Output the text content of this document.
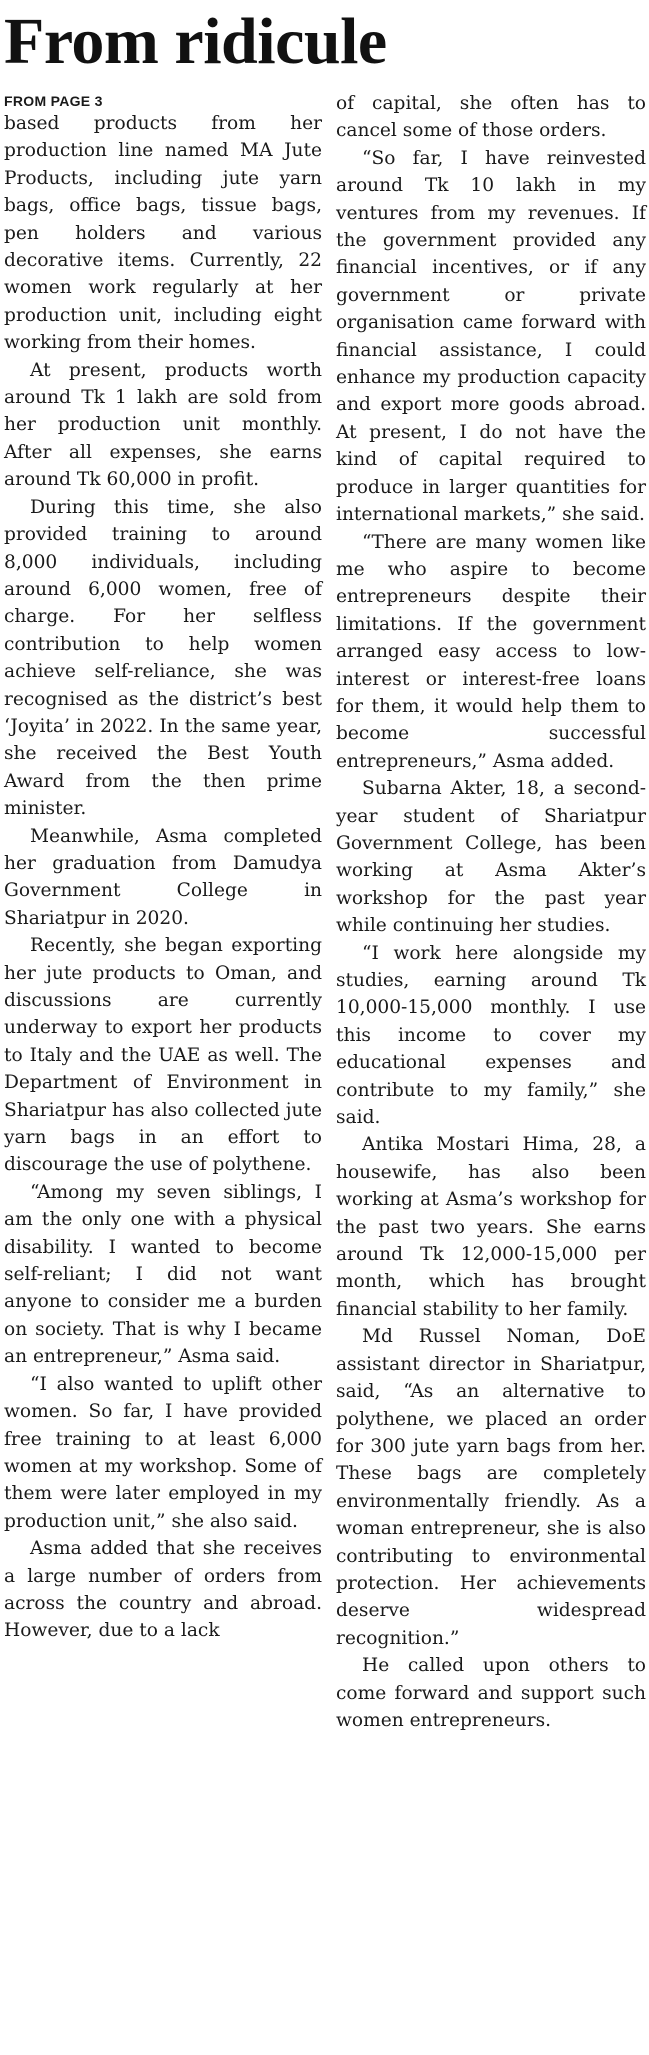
From ridicule
FROM PAGE 3

based products from her production line named MA Jute Products, including jute yarn bags, office bags, tissue bags, pen holders and various decorative items. Currently, 22 women work regularly at her production unit, including eight working from their homes.

At present, products worth around Tk 1 lakh are sold from her production unit monthly. After all expenses, she earns around Tk 60,000 in profit.

During this time, she also provided training to around 8,000 individuals, including around 6,000 women, free of charge. For her selfless contribution to help women achieve self-reliance, she was recognised as the district’s best ‘Joyita’ in 2022. In the same year, she received the Best Youth Award from the then prime minister.

Meanwhile, Asma completed her graduation from Damudya Government College in Shariatpur in 2020.

Recently, she began exporting her jute products to Oman, and discussions are currently underway to export her products to Italy and the UAE as well. The Department of Environment in Shariatpur has also collected jute yarn bags in an effort to discourage the use of polythene.

“Among my seven siblings, I am the only one with a physical disability. I wanted to become self-reliant; I did not want anyone to consider me a burden on society. That is why I became an entrepreneur,” Asma said.

“I also wanted to uplift other women. So far, I have provided free training to at least 6,000 women at my workshop. Some of them were later employed in my production unit,” she also said.

Asma added that she receives a large number of orders from across the country and abroad. However, due to a lack

of capital, she often has to cancel some of those orders.

“So far, I have reinvested around Tk 10 lakh in my ventures from my revenues. If the government provided any financial incentives, or if any government or private organisation came forward with financial assistance, I could enhance my production capacity and export more goods abroad. At present, I do not have the kind of capital required to produce in larger quantities for international markets,” she said.

“There are many women like me who aspire to become entrepreneurs despite their limitations. If the government arranged easy access to low-interest or interest-free loans for them, it would help them to become successful entrepreneurs,” Asma added.

Subarna Akter, 18, a second-year student of Shariatpur Government College, has been working at Asma Akter’s workshop for the past year while continuing her studies.

“I work here alongside my studies, earning around Tk 10,000-15,000 monthly. I use this income to cover my educational expenses and contribute to my family,” she said.

Antika Mostari Hima, 28, a housewife, has also been working at Asma’s workshop for the past two years. She earns around Tk 12,000-15,000 per month, which has brought financial stability to her family.

Md Russel Noman, DoE assistant director in Shariatpur, said, “As an alternative to polythene, we placed an order for 300 jute yarn bags from her. These bags are completely environmentally friendly. As a woman entrepreneur, she is also contributing to environmental protection. Her achievements deserve widespread recognition.”

He called upon others to come forward and support such women entrepreneurs.
